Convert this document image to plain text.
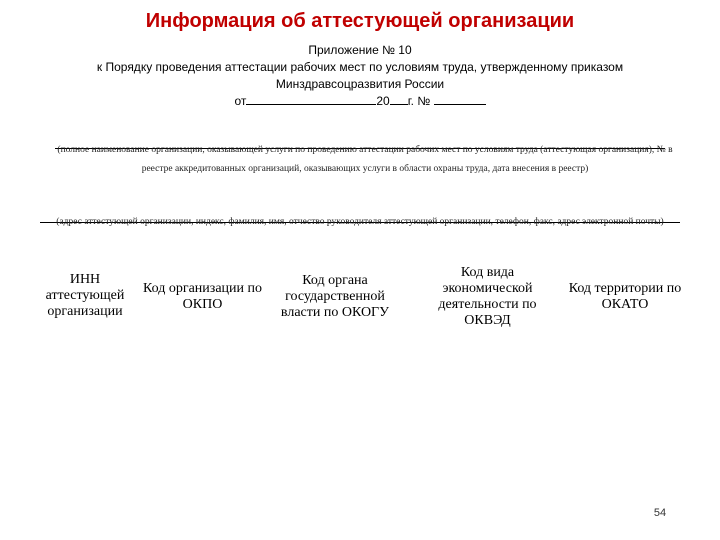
Информация об аттестующей организации
Приложение № 10
к Порядку проведения аттестации рабочих мест по условиям труда, утвержденному приказом
Минздравсоцразвития России
от	20 г. №
(полное наименование организации, оказывающей услуги по проведению аттестации рабочих мест по условиям труда (аттестующая организация), № в реестре аккредитованных организаций, оказывающих услуги в области охраны труда, дата внесения в реестр)
(адрес аттестующей организации, индекс, фамилия, имя, отчество руководителя аттестующей организации, телефон, факс, адрес электронной почты)
ИНН аттестующей организации
Код организации по ОКПО
Код органа государственной власти по ОКОГУ
Код вида экономической деятельности по ОКВЭД
Код территории по ОКАТО
54
